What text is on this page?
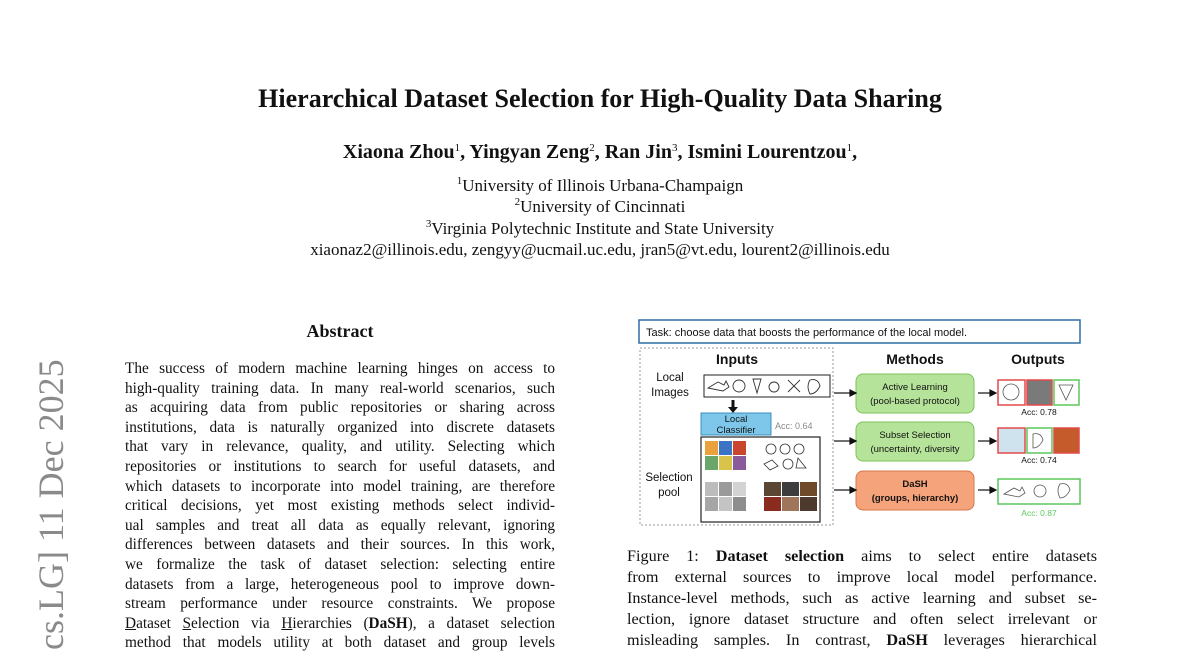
Hierarchical Dataset Selection for High-Quality Data Sharing
Xiaona Zhou$^1$, Yingyan Zeng$^2$, Ran Jin$^3$, Ismini Lourentzou$^1$,
$^1$University of Illinois Urbana-Champaign
$^2$University of Cincinnati
$^3$Virginia Polytechnic Institute and State University
xiaonaz2@illinois.edu, zengyy@ucmail.uc.edu, jran5@vt.edu, lourent2@illinois.edu
cs.LG] 11 Dec 2025
Abstract
The success of modern machine learning hinges on access to
high-quality training data. In many real-world scenarios, such
as acquiring data from public repositories or sharing across
institutions, data is naturally organized into discrete datasets
that vary in relevance, quality, and utility. Selecting which
repositories or institutions to search for useful datasets, and
which datasets to incorporate into model training, are therefore
critical decisions, yet most existing methods select individ-
ual samples and treat all data as equally relevant, ignoring
differences between datasets and their sources. In this work,
we formalize the task of dataset selection: selecting entire
datasets from a large, heterogeneous pool to improve down-
stream performance under resource constraints. We propose
Dataset Selection via Hierarchies (DaSH), a dataset selection
method that models utility at both dataset and group levels
Task: choose data that boosts the performance of the local model.
Inputs	Methods	Outputs
Local
Images
Local
Classifier Acc: 0.64
Selection
pool
Active Learning
(pool-based protocol)
Subset Selection
(uncertainty, diversity
DaSH
(groups, hierarchy)
Acc: 0.78
Acc: 0.74
Acc: 0.87
Figure 1: Dataset selection aims to select entire datasets
from external sources to improve local model performance.
Instance-level methods, such as active learning and subset se-
lection, ignore dataset structure and often select irrelevant or
misleading samples. In contrast, DaSH leverages hierarchical
